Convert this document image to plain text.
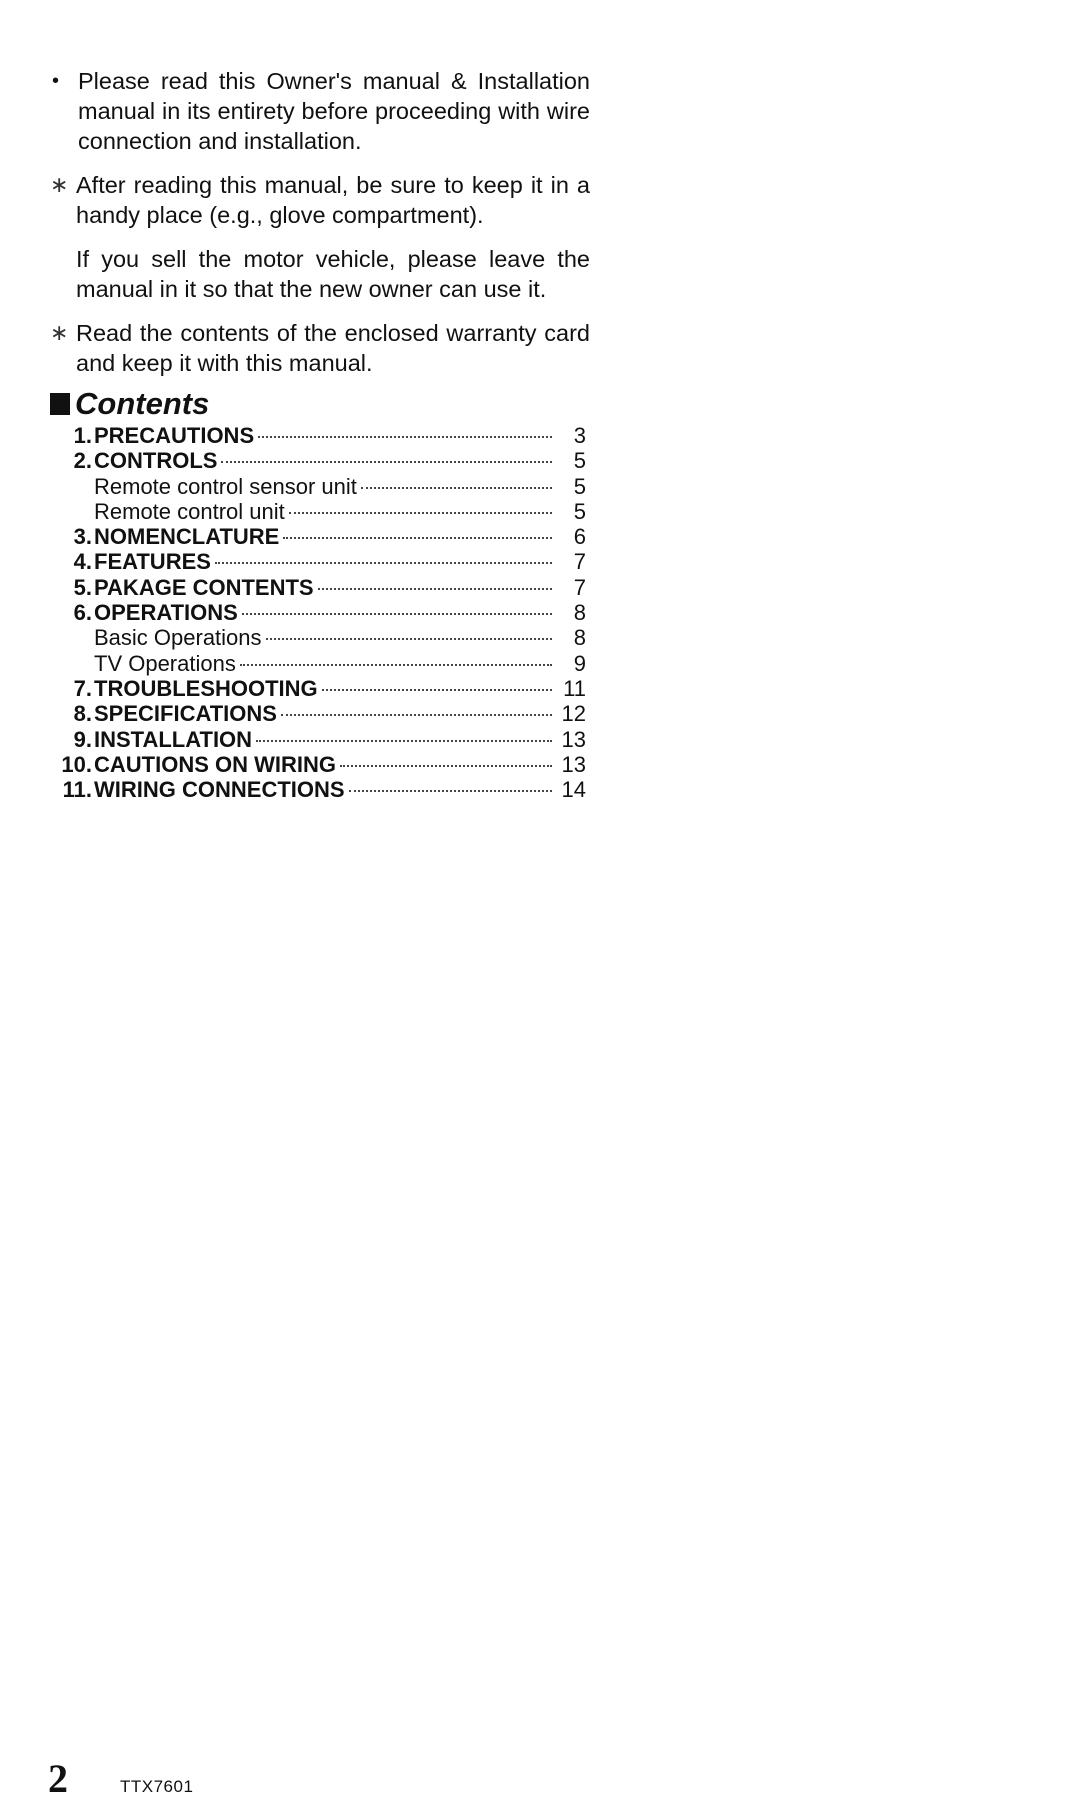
• Please read this Owner's manual & Installation manual in its entirety before proceeding with wire connection and installation.
∗ After reading this manual, be sure to keep it in a handy place (e.g., glove compartment).
If you sell the motor vehicle, please leave the manual in it so that the new owner can use it.
∗ Read the contents of the enclosed warranty card and keep it with this manual.
Contents
1. PRECAUTIONS	3
2. CONTROLS	5
Remote control sensor unit	5
Remote control unit	5
3. NOMENCLATURE	6
4. FEATURES	7
5. PAKAGE CONTENTS	7
6. OPERATIONS	8
Basic Operations	8
TV Operations	9
7. TROUBLESHOOTING	11
8. SPECIFICATIONS	12
9. INSTALLATION	13
10. CAUTIONS ON WIRING	13
11. WIRING CONNECTIONS	14
2	TTX7601
